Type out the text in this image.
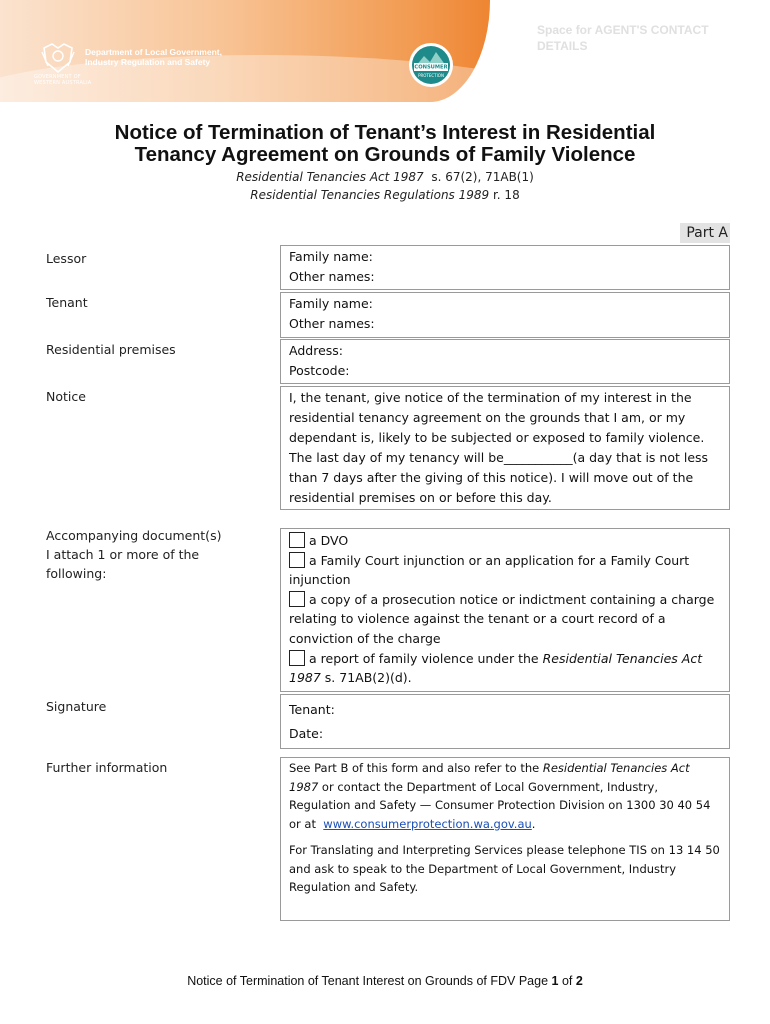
GOVERNMENT OF
WESTERN AUSTRALIA
Department of Local Government,
Industry Regulation and Safety
CONSUMER
PROTECTION
Space for AGENT'S CONTACT
DETAILS
Notice of Termination of Tenant’s Interest in Residential
Tenancy Agreement on Grounds of Family Violence
Residential Tenancies Act 1987  s. 67(2), 71AB(1)
Residential Tenancies Regulations 1989 r. 18
Part A
Lessor	Family name:

Other names:

Tenant	Family name:

Other names:

Residential premises	Address:

Postcode:

Notice	I, the tenant, give notice of the termination of my interest in the

residential tenancy agreement on the grounds that I am, or my

dependant is, likely to be subjected or exposed to family violence.

The last day of my tenancy will be___________(a day that is not less

than 7 days after the giving of this notice). I will move out of the

residential premises on or before this day.

Accompanying document(s)
I attach 1 or more of the
following:

a DVO

a Family Court injunction or an application for a Family Court

injunction

a copy of a prosecution notice or indictment containing a charge

relating to violence against the tenant or a court record of a

conviction of the charge

a report of family violence under the Residential Tenancies Act

1987 s. 71AB(2)(d).

Signature	Tenant:

Date:

Further information	See Part B of this form and also refer to the Residential Tenancies Act

1987 or contact the Department of Local Government, Industry,

Regulation and Safety — Consumer Protection Division on 1300 30 40 54

or at  www.consumerprotection.wa.gov.au.

For Translating and Interpreting Services please telephone TIS on 13 14 50

and ask to speak to the Department of Local Government, Industry

Regulation and Safety.

Notice of Termination of Tenant Interest on Grounds of FDV Page 1 of 2
